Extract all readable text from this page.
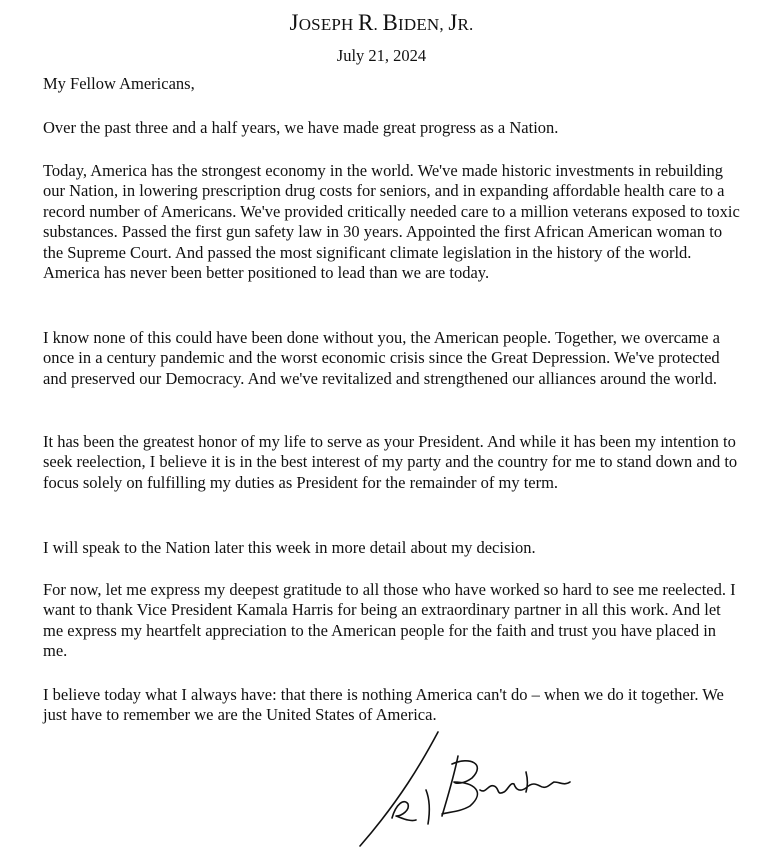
JOSEPH R. BIDEN, JR.
July 21, 2024
My Fellow Americans,
Over the past three and a half years, we have made great progress as a Nation.
Today, America has the strongest economy in the world. We've made historic investments in rebuilding our Nation, in lowering prescription drug costs for seniors, and in expanding affordable health care to a record number of Americans. We've provided critically needed care to a million veterans exposed to toxic substances. Passed the first gun safety law in 30 years. Appointed the first African American woman to the Supreme Court. And passed the most significant climate legislation in the history of the world. America has never been better positioned to lead than we are today.
I know none of this could have been done without you, the American people. Together, we overcame a once in a century pandemic and the worst economic crisis since the Great Depression. We've protected and preserved our Democracy. And we've revitalized and strengthened our alliances around the world.
It has been the greatest honor of my life to serve as your President. And while it has been my intention to seek reelection, I believe it is in the best interest of my party and the country for me to stand down and to focus solely on fulfilling my duties as President for the remainder of my term.
I will speak to the Nation later this week in more detail about my decision.
For now, let me express my deepest gratitude to all those who have worked so hard to see me reelected. I want to thank Vice President Kamala Harris for being an extraordinary partner in all this work. And let me express my heartfelt appreciation to the American people for the faith and trust you have placed in me.
I believe today what I always have: that there is nothing America can't do – when we do it together. We just have to remember we are the United States of America.
